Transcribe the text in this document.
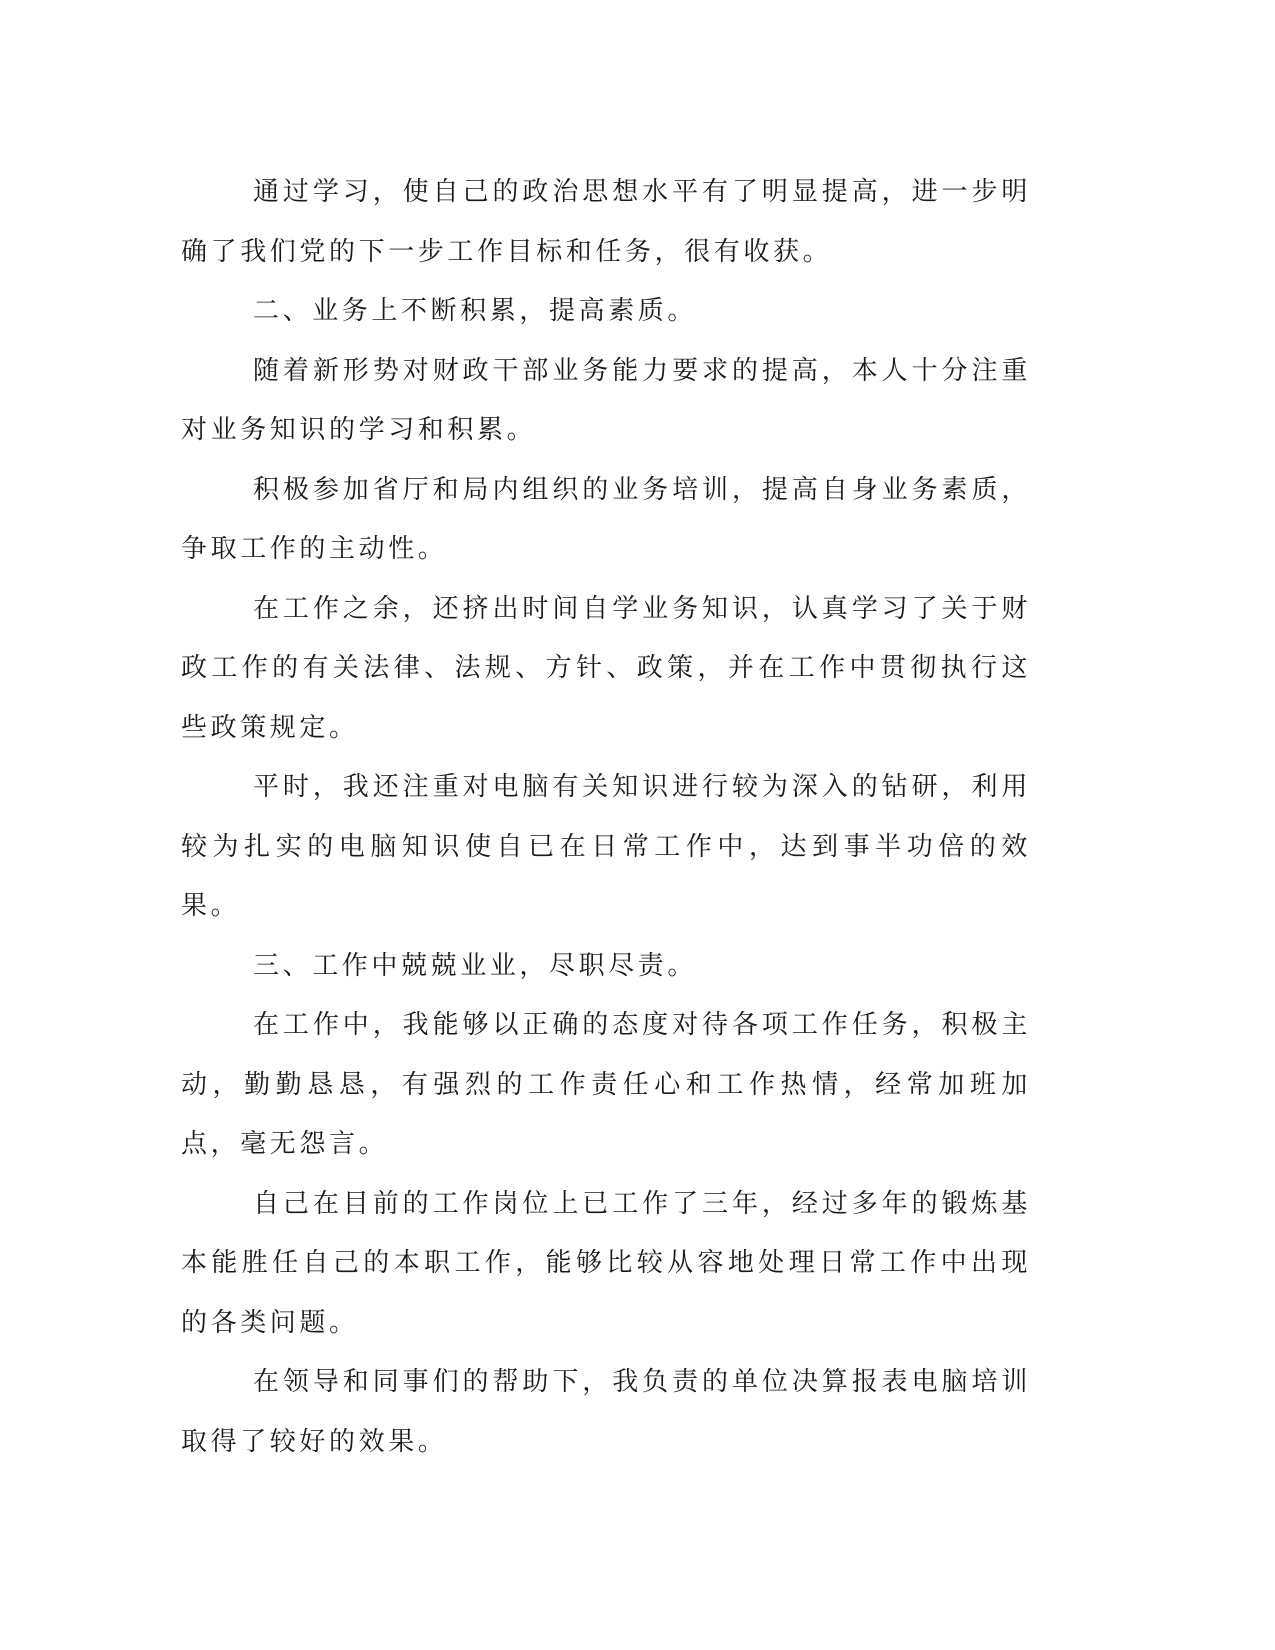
通过学习，使自己的政治思想水平有了明显提高，进一步明确了我们党的下一步工作目标和任务，很有收获。

二、业务上不断积累，提高素质。

随着新形势对财政干部业务能力要求的提高，本人十分注重对业务知识的学习和积累。

积极参加省厅和局内组织的业务培训，提高自身业务素质，争取工作的主动性。

在工作之余，还挤出时间自学业务知识，认真学习了关于财政工作的有关法律、法规、方针、政策，并在工作中贯彻执行这些政策规定。

平时，我还注重对电脑有关知识进行较为深入的钻研，利用较为扎实的电脑知识使自已在日常工作中，达到事半功倍的效果。

三、工作中兢兢业业，尽职尽责。

在工作中，我能够以正确的态度对待各项工作任务，积极主动，勤勤恳恳，有强烈的工作责任心和工作热情，经常加班加点，毫无怨言。

自己在目前的工作岗位上已工作了三年，经过多年的锻炼基本能胜任自己的本职工作，能够比较从容地处理日常工作中出现的各类问题。

在领导和同事们的帮助下，我负责的单位决算报表电脑培训取得了较好的效果。
